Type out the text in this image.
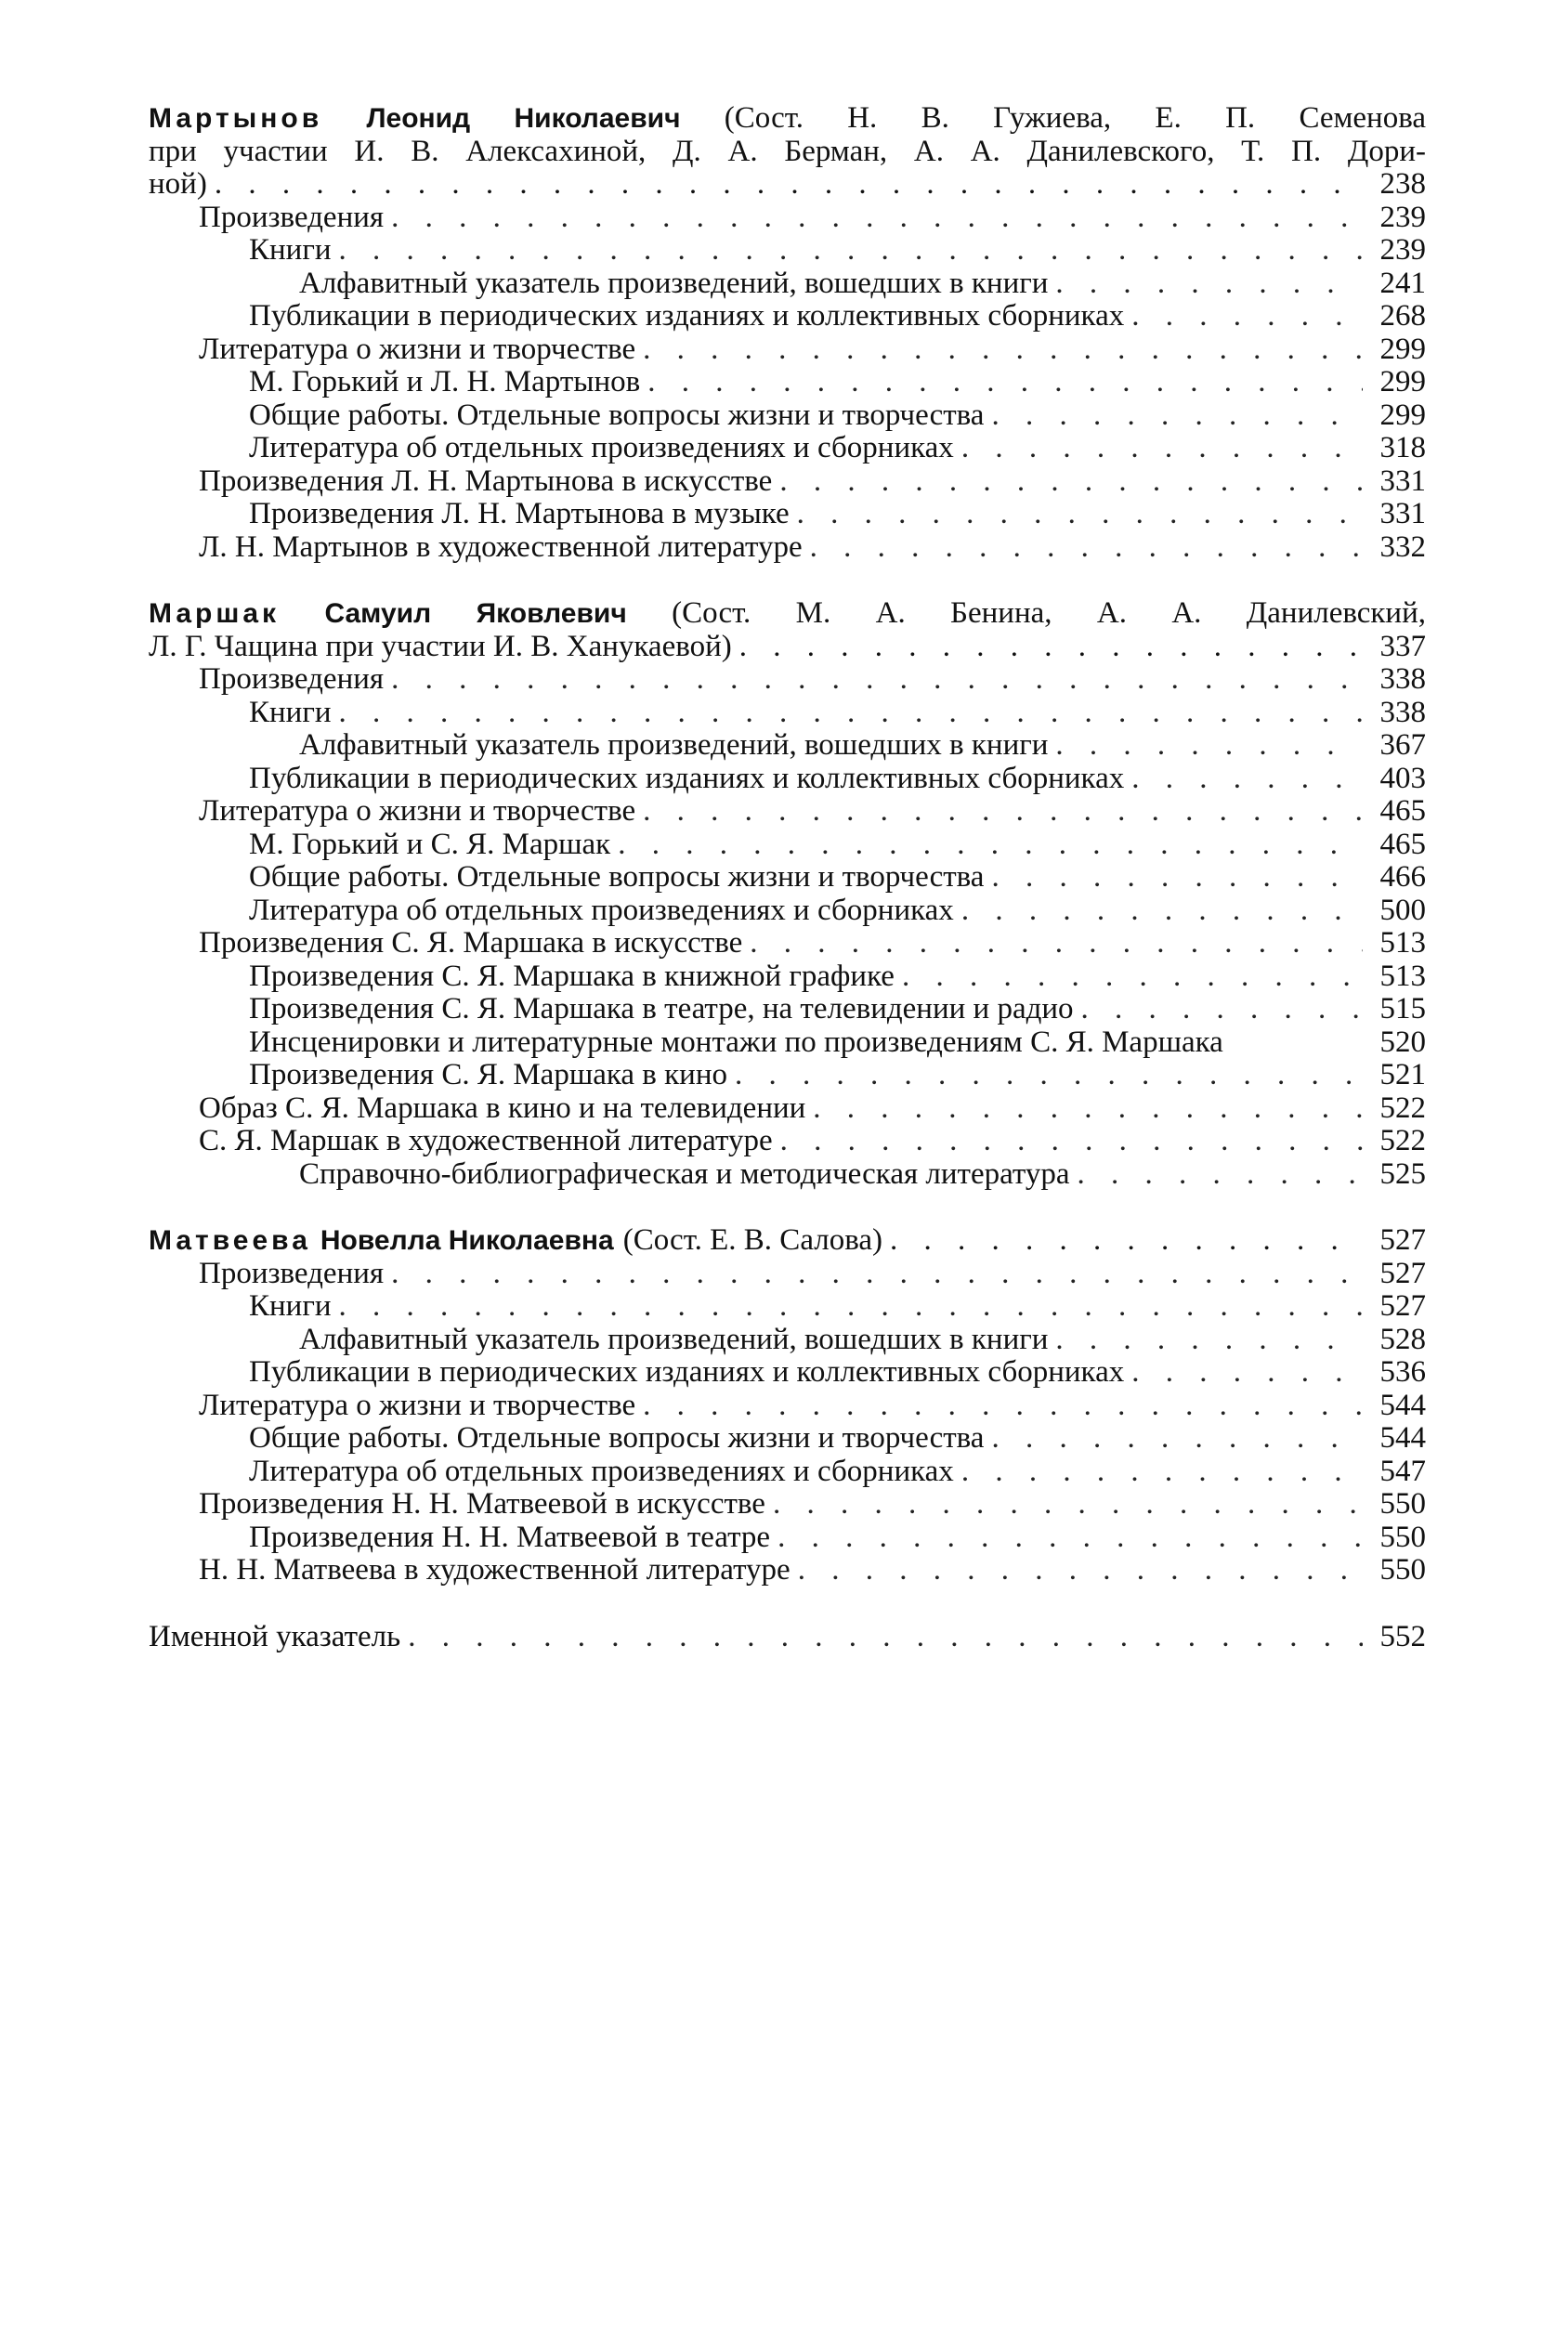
Мартынов Леонид Николаевич (Сост. Н. В. Гужиева, Е. П. Семенова
при участии И. В. Алексахиной, Д. А. Берман, А. А. Данилевского, Т. П. Дори-
ной) . . .	238
Произведения . . .	239
Книги . . .	239
Алфавитный указатель произведений, вошедших в книги . . .	241
Публикации в периодических изданиях и коллективных сборниках . . .	268
Литература о жизни и творчестве . . .	299
М. Горький и Л. Н. Мартынов . . .	299
Общие работы. Отдельные вопросы жизни и творчества . . .	299
Литература об отдельных произведениях и сборниках . . .	318
Произведения Л. Н. Мартынова в искусстве . . .	331
Произведения Л. Н. Мартынова в музыке . . .	331
Л. Н. Мартынов в художественной литературе . . .	332
Маршак Самуил Яковлевич (Сост. М. А. Бенина, А. А. Данилевский,
Л. Г. Чащина при участии И. В. Ханукаевой) . . .	337
Произведения . . .	338
Книги . . .	338
Алфавитный указатель произведений, вошедших в книги . . .	367
Публикации в периодических изданиях и коллективных сборниках . . .	403
Литература о жизни и творчестве . . .	465
М. Горький и С. Я. Маршак . . .	465
Общие работы. Отдельные вопросы жизни и творчества . . .	466
Литература об отдельных произведениях и сборниках . . .	500
Произведения С. Я. Маршака в искусстве . . .	513
Произведения С. Я. Маршака в книжной графике . . .	513
Произведения С. Я. Маршака в театре, на телевидении и радио . . .	515
Инсценировки и литературные монтажи по произведениям С. Я. Маршака	520
Произведения С. Я. Маршака в кино . . .	521
Образ С. Я. Маршака в кино и на телевидении . . .	522
С. Я. Маршак в художественной литературе . . .	522
Справочно-библиографическая и методическая литература . . .	525
Матвеева Новелла Николаевна (Сост. Е. В. Салова) . . .	527
Произведения . . .	527
Книги . . .	527
Алфавитный указатель произведений, вошедших в книги . . .	528
Публикации в периодических изданиях и коллективных сборниках . . .	536
Литература о жизни и творчестве . . .	544
Общие работы. Отдельные вопросы жизни и творчества . . .	544
Литература об отдельных произведениях и сборниках . . .	547
Произведения Н. Н. Матвеевой в искусстве . . .	550
Произведения Н. Н. Матвеевой в театре . . .	550
Н. Н. Матвеева в художественной литературе . . .	550
Именной указатель . . .	552
